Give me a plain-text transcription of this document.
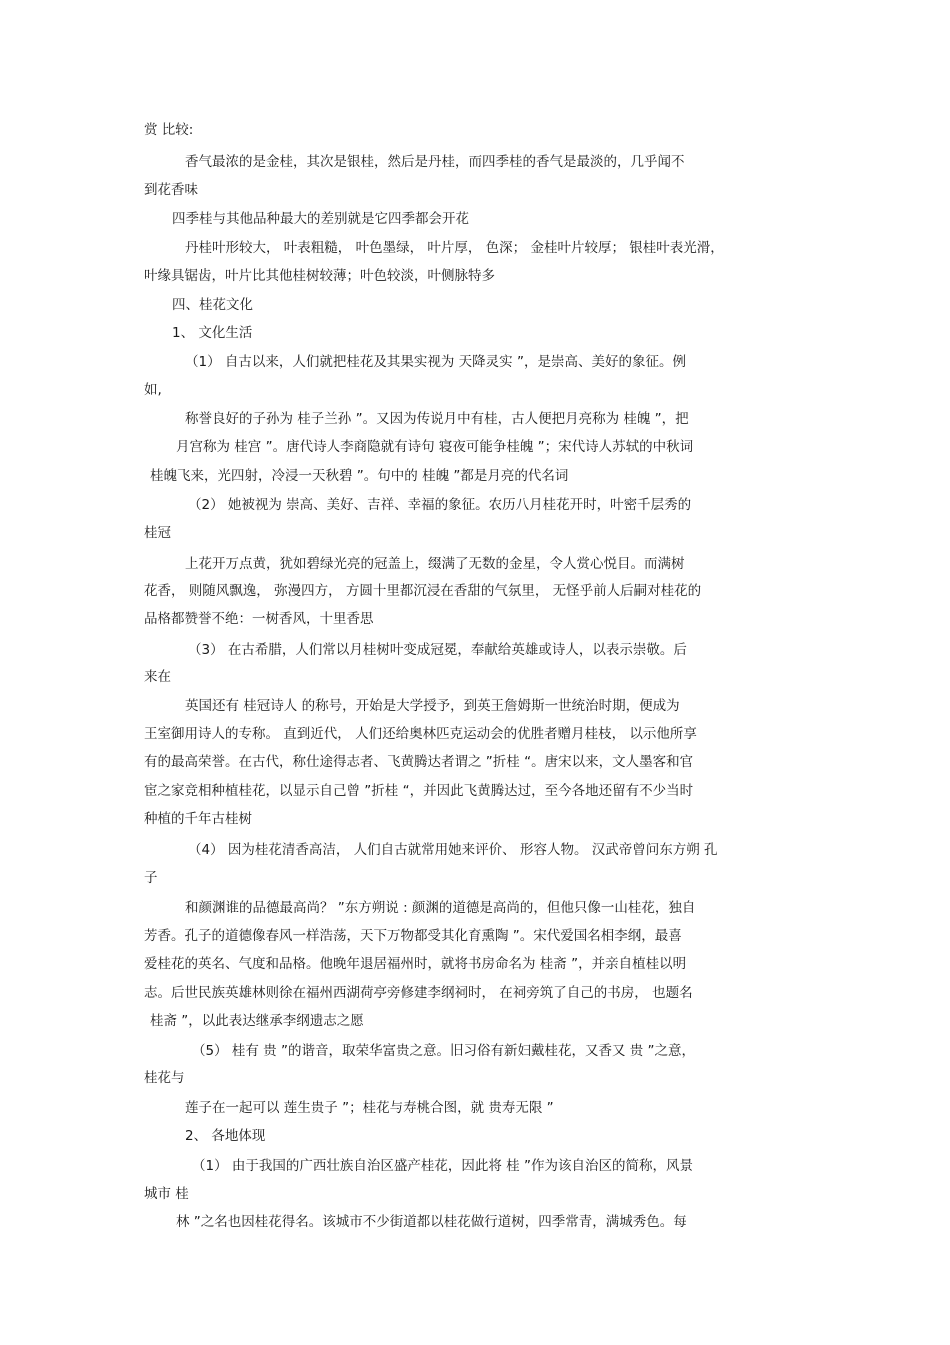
赏 比较:
香气最浓的是金桂，其次是银桂，然后是丹桂，而四季桂的香气是最淡的，几乎闻不
到花香味
四季桂与其他品种最大的差别就是它四季都会开花
丹桂叶形较大， 叶表粗糙， 叶色墨绿， 叶片厚， 色深； 金桂叶片较厚； 银桂叶表光滑，
叶缘具锯齿，叶片比其他桂树较薄；叶色较淡，叶侧脉特多
四、桂花文化
1、 文化生活
（1） 自古以来，人们就把桂花及其果实视为 天降灵实 ”，是崇高、美好的象征。例
如,
称誉良好的子孙为 桂子兰孙 ”。又因为传说月中有桂，古人便把月亮称为 桂魄 ”，把
月宫称为 桂宫 ”。唐代诗人李商隐就有诗句 寝夜可能争桂魄 ”；宋代诗人苏轼的中秋词
桂魄飞来，光四射，冷浸一天秋碧 ”。句中的 桂魄 ”都是月亮的代名词
（2） 她被视为 崇高、美好、吉祥、幸福的象征。农历八月桂花开时，叶密千层秀的
桂冠
上花开万点黄，犹如碧绿光亮的冠盖上，缀满了无数的金星，令人赏心悦目。而满树
花香， 则随风飘逸， 弥漫四方， 方圆十里都沉浸在香甜的气氛里， 无怪乎前人后嗣对桂花的
品格都赞誉不绝：一树香风，十里香思
（3） 在古希腊，人们常以月桂树叶变成冠冕，奉献给英雄或诗人，以表示崇敬。后
来在
英国还有 桂冠诗人 的称号，开始是大学授予，到英王詹姆斯一世统治时期，便成为
王室御用诗人的专称。 直到近代， 人们还给奥林匹克运动会的优胜者赠月桂枝， 以示他所享
有的最高荣誉。在古代，称仕途得志者、飞黄腾达者谓之 ”折桂 “。唐宋以来，文人墨客和官
宦之家竞相种植桂花，以显示自己曾 ”折桂 “，并因此飞黄腾达过，至今各地还留有不少当时
种植的千年古桂树
（4） 因为桂花清香高洁， 人们自古就常用她来评价、 形容人物。 汉武帝曾问东方朔 孔
子
和颜渊谁的品德最高尚？ ”东方朔说 : 颜渊的道德是高尚的，但他只像一山桂花，独自
芳香。孔子的道德像春风一样浩荡，天下万物都受其化育熏陶 ”。宋代爱国名相李纲，最喜
爱桂花的英名、气度和品格。他晚年退居福州时，就将书房命名为 桂斋 ”，并亲自植桂以明
志。后世民族英雄林则徐在福州西湖荷亭旁修建李纲祠时， 在祠旁筑了自己的书房， 也题名
桂斋 ”，以此表达继承李纲遗志之愿
（5） 桂有 贵 ”的谐音，取荣华富贵之意。旧习俗有新妇戴桂花，又香又 贵 ”之意，
桂花与
莲子在一起可以 莲生贵子 ”；桂花与寿桃合图，就 贵寿无限 ”
2、 各地体现
（1） 由于我国的广西壮族自治区盛产桂花，因此将 桂 ”作为该自治区的简称，风景
城市 桂
林 ”之名也因桂花得名。该城市不少街道都以桂花做行道树，四季常青，满城秀色。每
